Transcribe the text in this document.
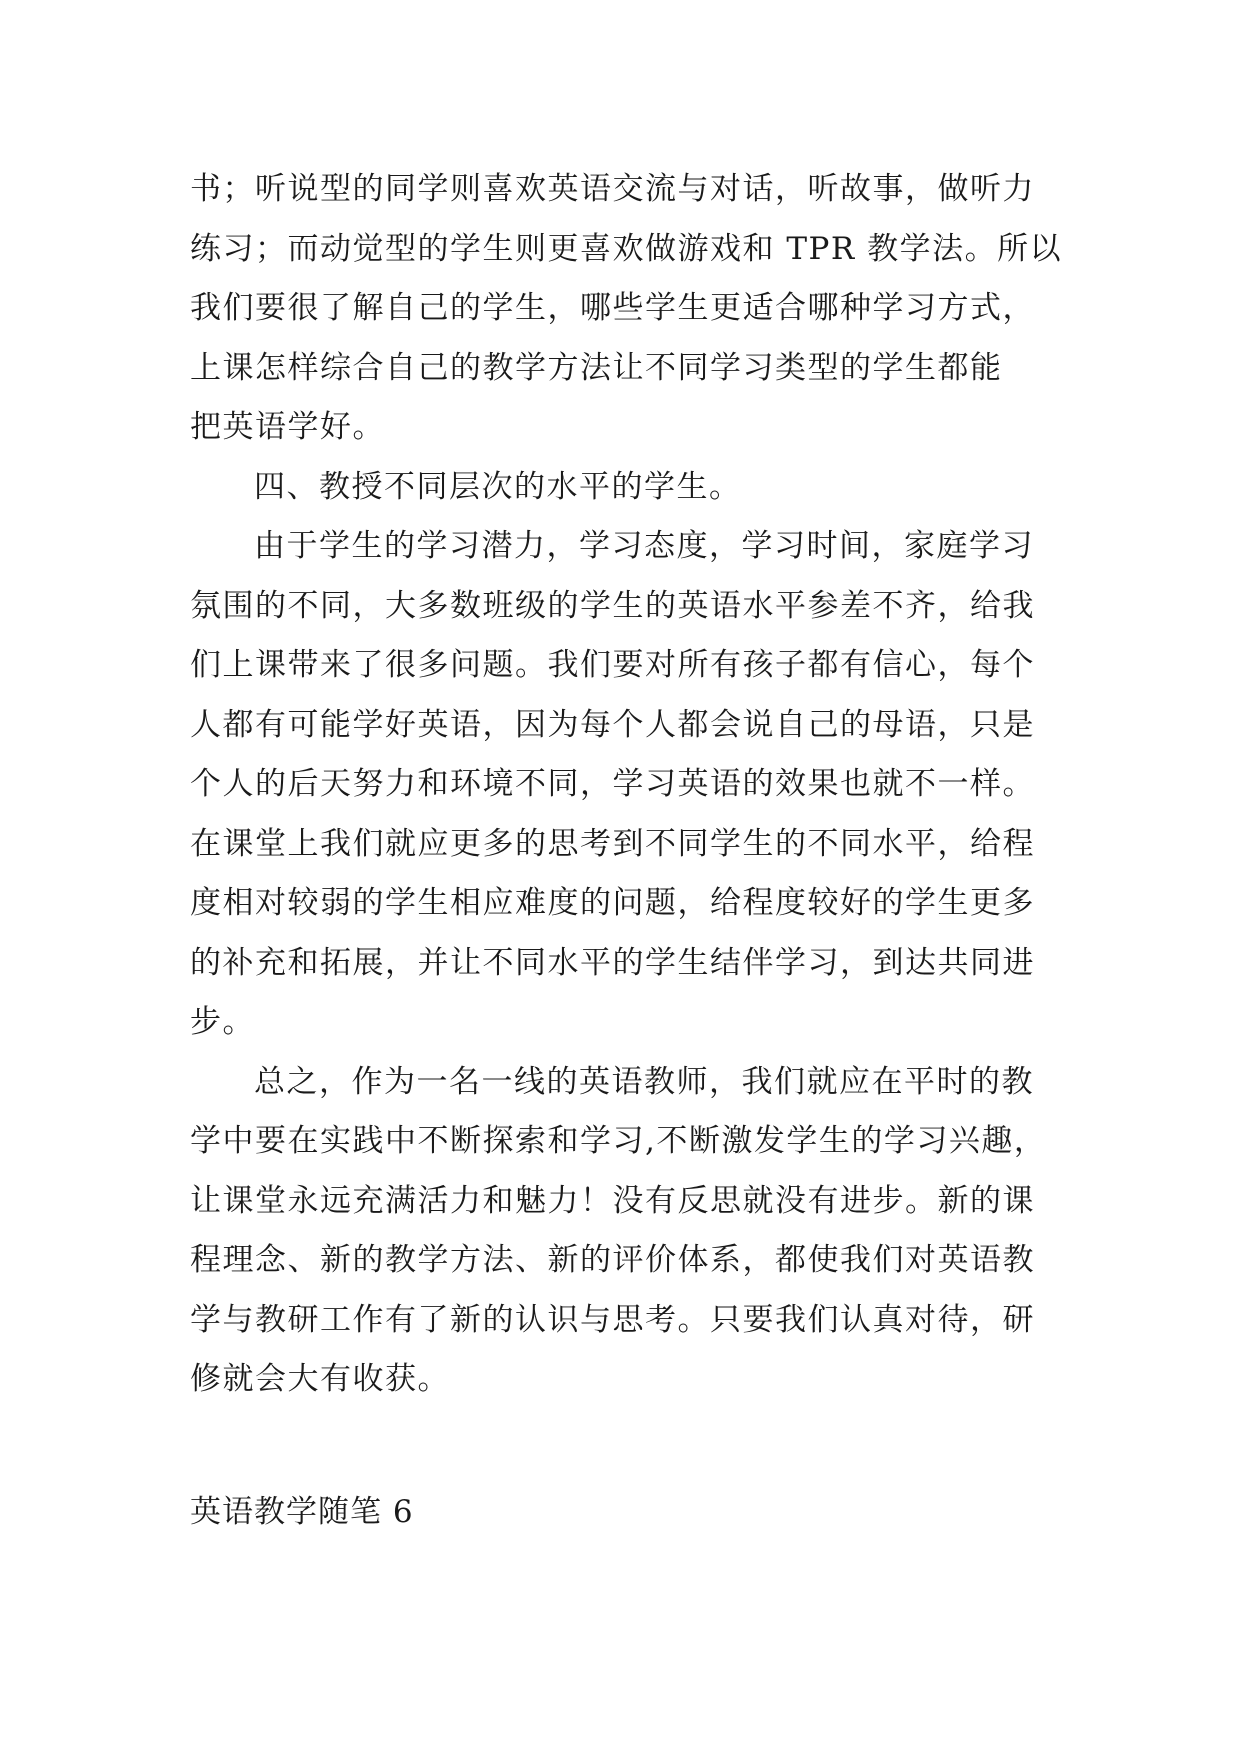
书；听说型的同学则喜欢英语交流与对话，听故事，做听力
练习；而动觉型的学生则更喜欢做游戏和 TPR 教学法。所以
我们要很了解自己的学生，哪些学生更适合哪种学习方式，
上课怎样综合自己的教学方法让不同学习类型的学生都能
把英语学好。
四、教授不同层次的水平的学生。
由于学生的学习潜力，学习态度，学习时间，家庭学习
氛围的不同，大多数班级的学生的英语水平参差不齐，给我
们上课带来了很多问题。我们要对所有孩子都有信心，每个
人都有可能学好英语，因为每个人都会说自己的母语，只是
个人的后天努力和环境不同，学习英语的效果也就不一样。
在课堂上我们就应更多的思考到不同学生的不同水平，给程
度相对较弱的学生相应难度的问题，给程度较好的学生更多
的补充和拓展，并让不同水平的学生结伴学习，到达共同进
步。
总之，作为一名一线的英语教师，我们就应在平时的教
学中要在实践中不断探索和学习,不断激发学生的学习兴趣，
让课堂永远充满活力和魅力！没有反思就没有进步。新的课
程理念、新的教学方法、新的评价体系，都使我们对英语教
学与教研工作有了新的认识与思考。只要我们认真对待，研
修就会大有收获。
英语教学随笔 6
